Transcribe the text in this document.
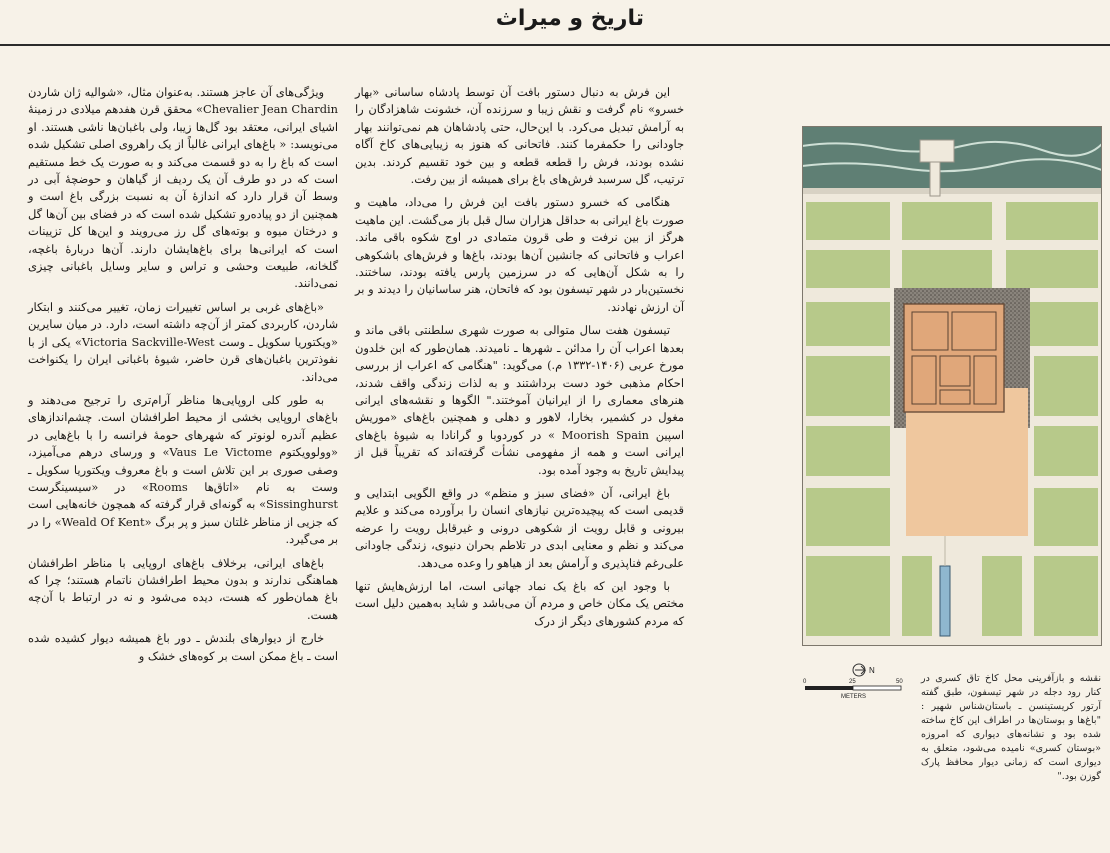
تاریخ و میراث

این فرش به دنبال دستور بافت آن توسط پادشاه ساسانی «بهار خسرو» نام گرفت و نقش زیبا و سرزنده آن، خشونت شاهزادگان را به آرامش تبدیل می‌کرد. با این‌حال، حتی پادشاهان هم نمی‌توانند بهار جاودانی را حکمفرما کنند. فاتحانی که هنوز به زیبایی‌های کاخ آگاه نشده بودند، فرش را قطعه قطعه و بین خود تقسیم کردند. بدین ترتیب، گل سرسبد فرش‌های باغ برای همیشه از بین رفت.

هنگامی که خسرو دستور بافت این فرش را می‌داد، ماهیت و صورت باغ ایرانی به حداقل هزاران سال قبل باز می‌گشت. این ماهیت هرگز از بین نرفت و طی قرون متمادی در اوج شکوه باقی ماند. اعراب و فاتحانی که جانشین آن‌ها بودند، باغ‌ها و فرش‌های باشکوهی را به شکل آن‌هایی که در سرزمین پارس یافته بودند، ساختند. نخستین‌بار در شهر تیسفون بود که فاتحان، هنر ساسانیان را دیدند و بر آن ارزش نهادند.

تیسفون هفت سال متوالی به صورت شهری سلطنتی باقی ماند و بعدها اعراب آن را مدائن ـ شهرها ـ نامیدند. همان‌طور که ابن خلدون مورخ عربی (۱۴۰۶-۱۳۳۲ م.) می‌گوید: "هنگامی که اعراب از بررسی احکام مذهبی خود دست برداشتند و به لذات زندگی واقف شدند، هنرهای معماری را از ایرانیان آموختند." الگوها و نقشه‌های ایرانی مغول در کشمیر، بخارا، لاهور و دهلی و همچنین باغ‌های «موریش اسپین Moorish Spain » در کوردوبا و گرانادا به شیوهٔ باغ‌های ایرانی است و همه از مفهومی نشأت گرفته‌اند که تقریباً قبل از پیدایش تاریخ به وجود آمده بود.

باغ ایرانی، آن «فضای سبز و منظم» در واقع الگویی ابتدایی و قدیمی است که پیچیده‌ترین نیازهای انسان را برآورده می‌کند و علایم بیرونی و قابل رویت از شکوهی درونی و غیرقابل رویت را عرضه می‌کند و نظم و معنایی ابدی در تلاطم بحران دنیوی، زندگی جاودانی علی‌رغم فناپذیری و آرامش بعد از هیاهو را وعده می‌دهد.

با وجود این که باغ یک نماد جهانی است، اما ارزش‌هایش تنها مختص یک مکان خاص و مردم آن می‌باشد و شاید به‌همین دلیل است که مردم کشورهای دیگر از درک

ویژگی‌های آن عاجز هستند. به‌عنوان مثال، «شوالیه ژان شاردن Chevalier Jean Chardin» محقق قرن هفدهم میلادی در زمینهٔ اشیای ایرانی، معتقد بود گل‌ها زیبا، ولی باغبان‌ها ناشی هستند. او می‌نویسد: « باغ‌های ایرانی غالباً از یک راهروی اصلی تشکیل شده است که باغ را به دو قسمت می‌کند و به صورت یک خط مستقیم است که در دو طرف آن یک ردیف از گیاهان و حوضچهٔ آبی در وسط آن قرار دارد که اندازهٔ آن به نسبت بزرگی باغ است و همچنین از دو پیاده‌رو تشکیل شده است که در فضای بین آن‌ها گل و درختان میوه و بوته‌های گل رز می‌رویند و این‌ها کل تزیینات است که ایرانی‌ها برای باغ‌هایشان دارند. آن‌ها دربارهٔ باغچه، گلخانه، طبیعت وحشی و تراس و سایر وسایل باغبانی چیزی نمی‌دانند.

«باغ‌های غربی بر اساس تغییرات زمان، تغییر می‌کنند و ابتکار شاردن، کاربردی کمتر از آن‌چه داشته است، دارد. در میان سایرین «ویکتوریا سکویل ـ وست Victoria Sackville-West» یکی از با نفوذترین باغبان‌های قرن حاضر، شیوهٔ باغبانی ایران را یکنواخت می‌داند.

به طور کلی اروپایی‌ها مناظر آرام‌تری را ترجیح می‌دهند و باغ‌های اروپایی بخشی از محیط اطرافشان است. چشم‌اندازهای عظیم آندره لونوتر که شهرهای حومهٔ فرانسه را با باغ‌هایی در «وولوویکتوم Vaus Le Victome» و ورسای درهم می‌آمیزد، وصفی صوری بر این تلاش است و باغ معروف ویکتوریا سکویل ـ وست به نام «اتاق‌ها Rooms» در «سیسینگرست Sissinghurst» به گونه‌ای قرار گرفته که همچون خانه‌هایی است که جزیی از مناظر غلتان سبز و پر برگ «Weald Of Kent» را در بر می‌گیرد.

باغ‌های ایرانی، برخلاف باغ‌های اروپایی با مناظر اطرافشان هماهنگی ندارند و بدون محیط اطرافشان ناتمام هستند؛ چرا که باغ همان‌طور که هست، دیده می‌شود و نه در ارتباط با آن‌چه هست.

خارج از دیوارهای بلندش ـ دور باغ همیشه دیوار کشیده شده است ـ باغ ممکن است بر کوه‌های خشک و

N
0	25	50
METERS
نقشه و بازآفرینی محل کاخ تاق کسری در کنار رود دجله در شهر تیسفون، طبق گفته آرتور کریستینسن ـ باستان‌شناس شهیر : "باغ‌ها و بوستان‌ها در اطراف این کاخ ساخته شده بود و نشانه‌های دیواری که امروزه «بوستان کسری» نامیده می‌شود، متعلق به دیواری است که زمانی دیوار محافظ پارک گوزن بود."
